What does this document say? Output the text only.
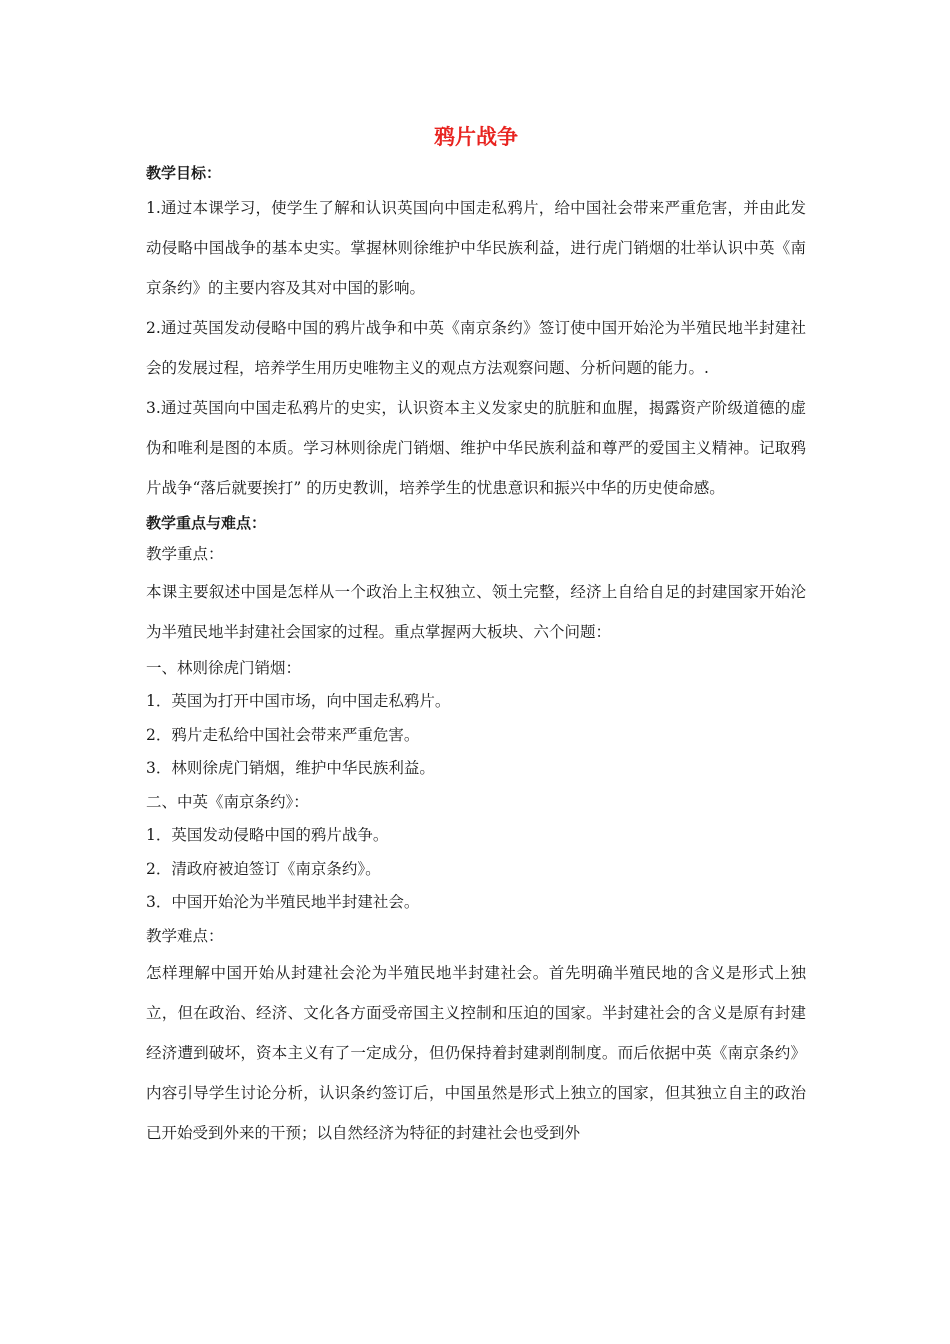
鸦片战争

教学目标：

1.通过本课学习，使学生了解和认识英国向中国走私鸦片，给中国社会带来严重危害，并由此发动侵略中国战争的基本史实。掌握林则徐维护中华民族利益，进行虎门销烟的壮举认识中英《南京条约》的主要内容及其对中国的影响。

2.通过英国发动侵略中国的鸦片战争和中英《南京条约》签订使中国开始沦为半殖民地半封建社会的发展过程，培养学生用历史唯物主义的观点方法观察问题、分析问题的能力。.

3.通过英国向中国走私鸦片的史实，认识资本主义发家史的肮脏和血腥，揭露资产阶级道德的虚伪和唯利是图的本质。学习林则徐虎门销烟、维护中华民族利益和尊严的爱国主义精神。记取鸦片战争“落后就要挨打” 的历史教训，培养学生的忧患意识和振兴中华的历史使命感。

教学重点与难点：

教学重点：

本课主要叙述中国是怎样从一个政治上主权独立、领土完整，经济上自给自足的封建国家开始沦为半殖民地半封建社会国家的过程。重点掌握两大板块、六个问题：

一、林则徐虎门销烟：

1．英国为打开中国市场，向中国走私鸦片。

2．鸦片走私给中国社会带来严重危害。

3．林则徐虎门销烟，维护中华民族利益。

二、中英《南京条约》：

1．英国发动侵略中国的鸦片战争。

2．清政府被迫签订《南京条约》。

3．中国开始沦为半殖民地半封建社会。

教学难点：

怎样理解中国开始从封建社会沦为半殖民地半封建社会。首先明确半殖民地的含义是形式上独立，但在政治、经济、文化各方面受帝国主义控制和压迫的国家。半封建社会的含义是原有封建经济遭到破坏，资本主义有了一定成分，但仍保持着封建剥削制度。而后依据中英《南京条约》内容引导学生讨论分析，认识条约签订后，中国虽然是形式上独立的国家，但其独立自主的政治已开始受到外来的干预；以自然经济为特征的封建社会也受到外
